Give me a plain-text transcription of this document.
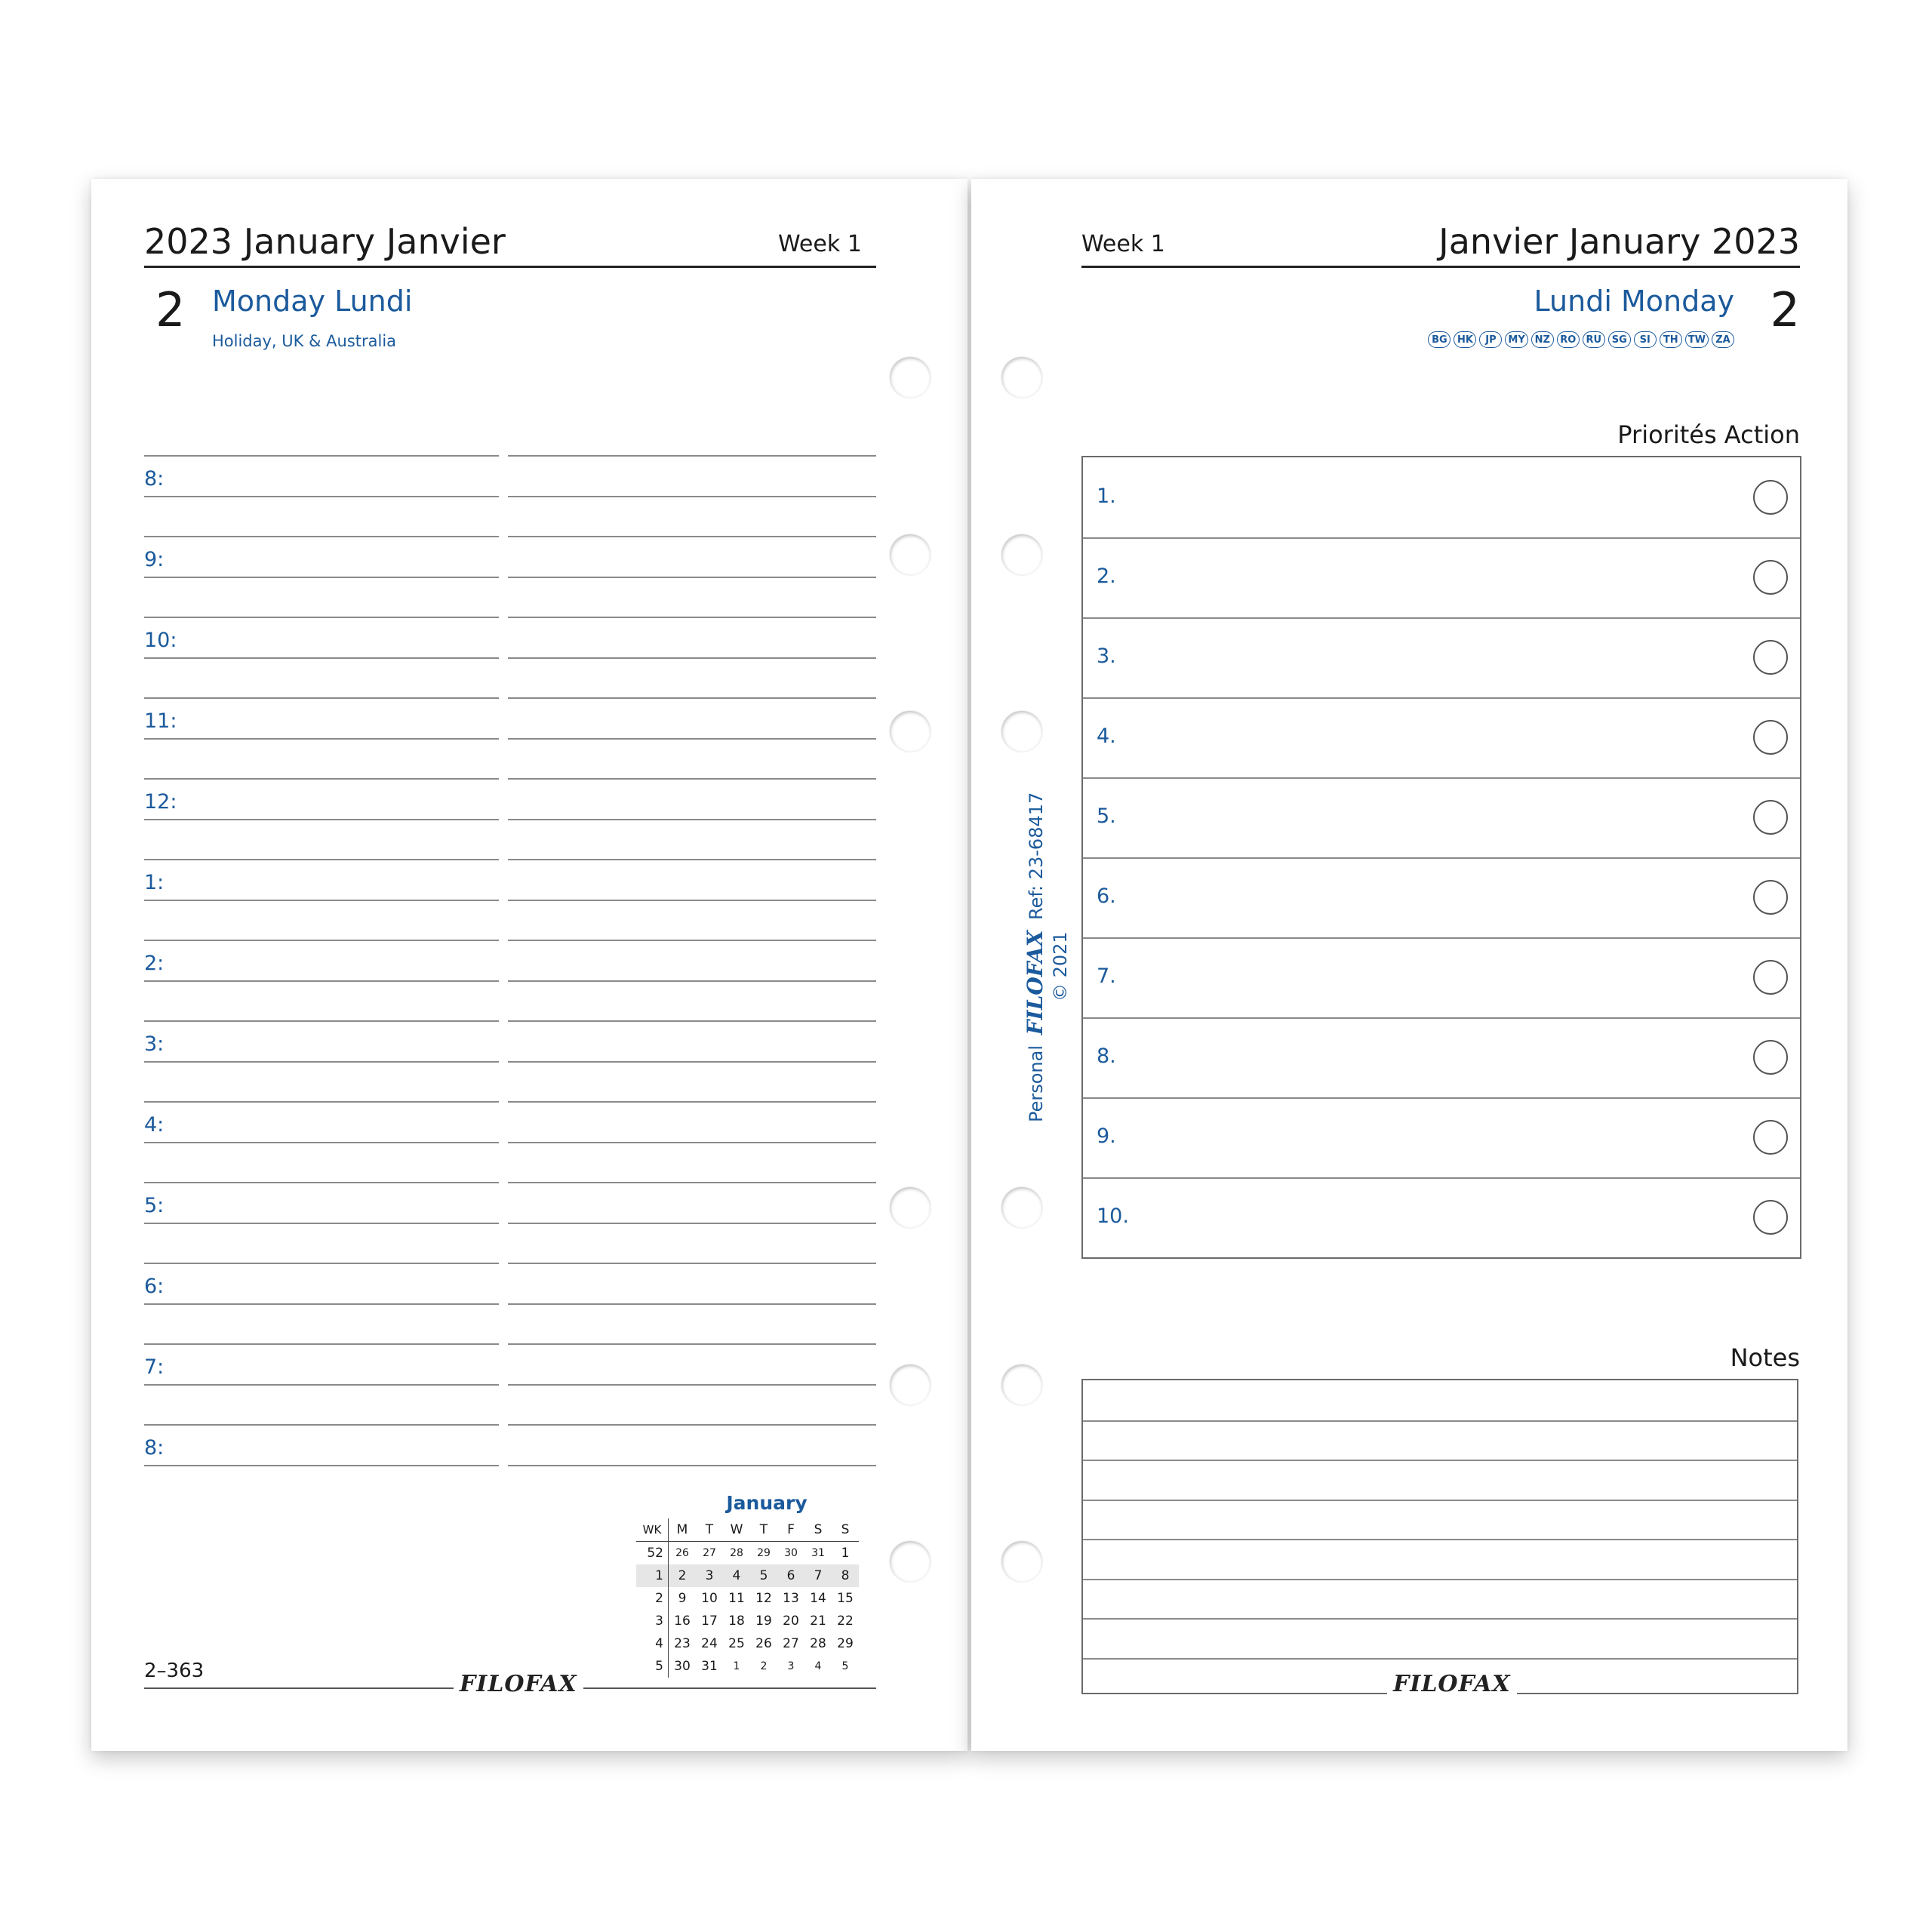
2023 January Janvier	Week 1
2 Monday Lundi
Holiday, UK & Australia
January
WK	M	T	W	T	F	S	S
52	26	27	28	29	30	31	1
1	2	3	4	5	6	7	8
2	9	10	11	12	13	14	15
3	16	17	18	19	20	21	22
4	23	24	25	26	27	28	29
5	30	31	1	2	3	4	5
2–363	FILOFAX
8:
9:
10:
11:
12:
1:
2:
3:
4:
5:
6:
7:
8:
Week 1	Janvier January 2023
Lundi Monday 2
BG HK JP MY NZ RO RU SG SI TH TW ZA
Priorités Action
1.
2.
3.
4.
5.
6.
7.
8.
9.
10.
Notes
FILOFAX
Personal FILOFAX Ref: 23-68417
© 2021
